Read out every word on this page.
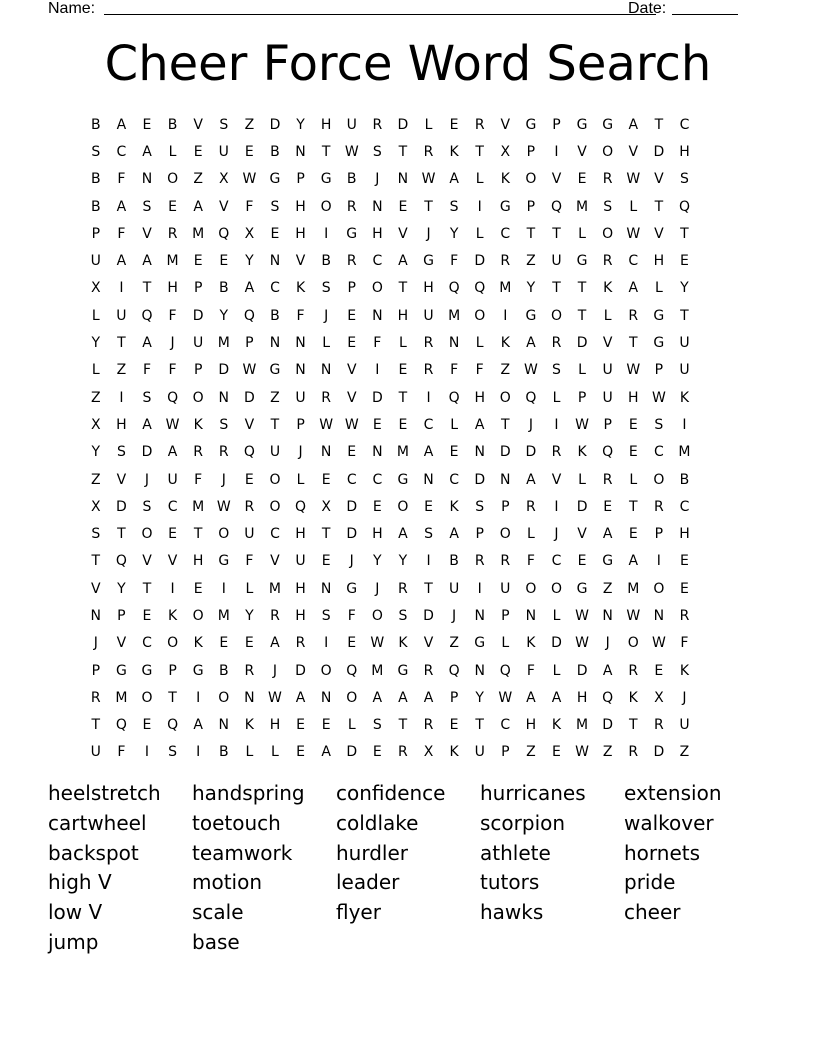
Name:	Date:
Cheer Force Word Search
B	A	E	B	V	S	Z	D	Y	H	U	R	D	L	E	R	V	G	P	G	G	A	T	C
S	C	A	L	E	U	E	B	N	T	W	S	T	R	K	T	X	P	I	V	O	V	D	H
B	F	N	O	Z	X W G	P	G	B	J	N W A	L	K	O	V	E	R W V	S
B	A	S	E	A	V	F	S	H	O	R	N	E	T	S	I	G	P	Q	M	S	L	T	Q
P	F	V	R	M	Q	X	E	H	I	G	H	V	J	Y	L	C	T	T	L	O W V	T
U	A	A	M	E	E	Y	N	V	B	R	C	A	G	F	D	R	Z	U	G	R	C	H	E
X	I	T	H	P	B	A	C	K	S	P	O	T	H	Q	Q	M	Y	T	T	K	A	L	Y
L	U	Q	F	D	Y	Q	B	F	J	E	N	H	U	M	O	I	G	O	T	L	R	G	T
Y	T	A	J	U	M	P	N	N	L	E	F	L	R	N	L	K	A	R	D	V	T	G	U
L	Z	F	F	P	D W G	N	N	V	I	E	R	F	F	Z W	S	L	U W	P	U
Z	I	S	Q	O	N	D	Z	U	R	V	D	T	I	Q	H	O	Q	L	P	U	H W	K
X	H	A W	K	S	V	T	P	W W	E	E	C	L	A	T	J	I	W	P	E	S	I
Y	S	D	A	R	R	Q	U	J	N	E	N	M	A	E	N	D	D	R	K	Q	E	C	M
Z	V	J	U	F	J	E	O	L	E	C	C	G	N	C	D	N	A	V	L	R	L	O	B
X	D	S	C	M W R	O	Q	X	D	E	O	E	K	S	P	R	I	D	E	T	R	C
S	T	O	E	T	O	U	C	H	T	D	H	A	S	A	P	O	L	J	V	A	E	P	H
T	Q	V	V	H	G	F	V	U	E	J	Y	Y	I	B	R	R	F	C	E	G	A	I	E
V	Y	T	I	E	I	L	M	H	N	G	J	R	T	U	I	U	O	O	G	Z	M	O	E
N	P	E	K	O	M	Y	R	H	S	F	O	S	D	J	N	P	N	L	W N W N	R
J	V	C	O	K	E	E	A	R	I	E	W	K	V	Z	G	L	K	D W	J	O W	F
P	G	G	P	G	B	R	J	D	O	Q	M	G	R	Q	N	Q	F	L	D	A	R	E	K
R	M	O	T	I	O	N W A	N	O	A	A	A	P	Y	W A	A	H	Q	K	X	J
T	Q	E	Q	A	N	K	H	E	E	L	S	T	R	E	T	C	H	K	M	D	T	R	U
U	F	I	S	I	B	L	L	E	A	D	E	R	X	K	U	P	Z	E	W Z	R	D	Z
heelstretch	handspring	confidence	hurricanes	extension
cartwheel	toetouch	coldlake	scorpion	walkover
backspot	teamwork	hurdler	athlete	hornets
high V	motion	leader	tutors	pride
low V	scale	flyer	hawks	cheer
jump	base
